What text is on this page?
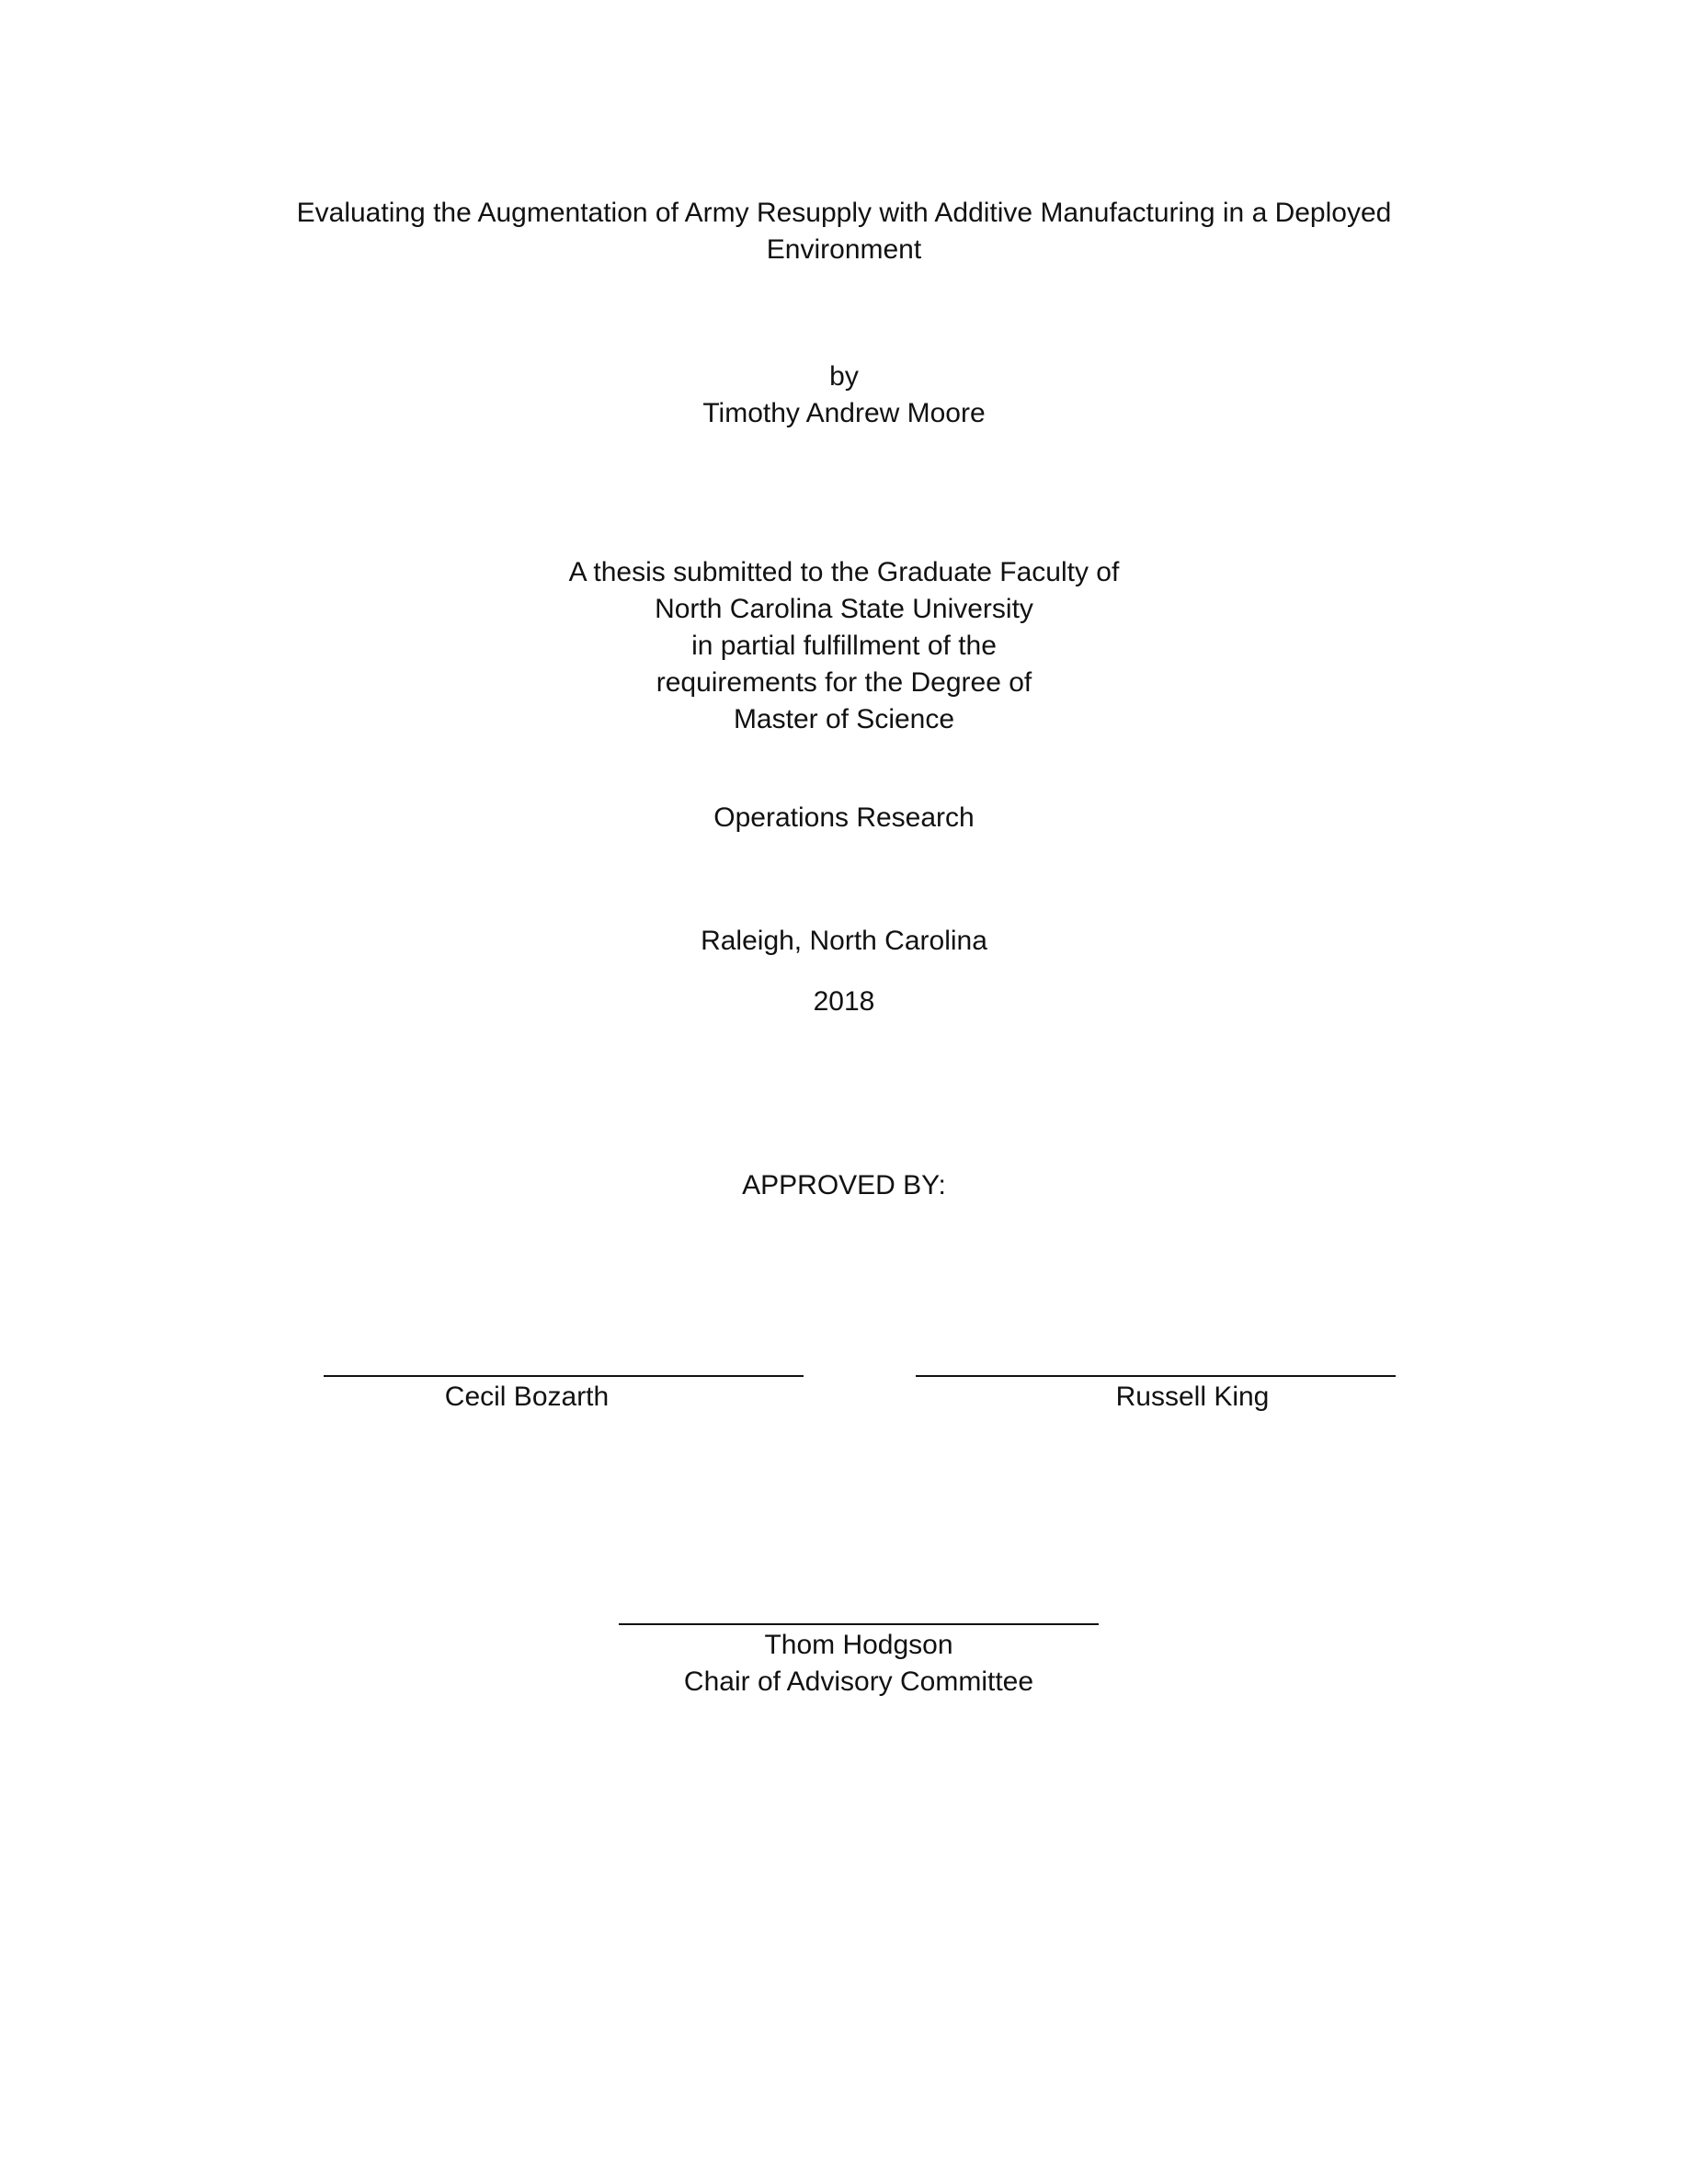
Evaluating the Augmentation of Army Resupply with Additive Manufacturing in a Deployed
Environment
by
Timothy Andrew Moore
A thesis submitted to the Graduate Faculty of
North Carolina State University
in partial fulfillment of the
requirements for the Degree of
Master of Science
Operations Research
Raleigh, North Carolina
2018
APPROVED BY:
Cecil Bozarth	Russell King
Thom Hodgson
Chair of Advisory Committee
